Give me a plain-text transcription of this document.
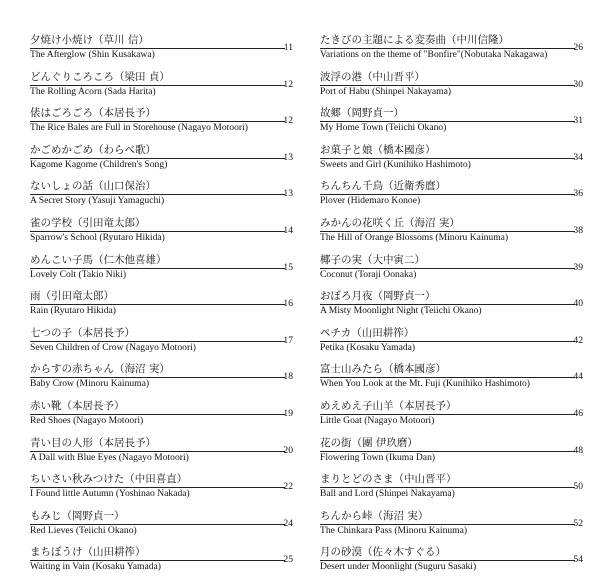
夕焼け小焼け（草川 信）
The Afterglow (Shin Kusakawa)
11
どんぐりころころ（梁田 貞）
The Rolling Acorn (Sada Harita)
12
俵はごろごろ（本居長予）
The Rice Bales are Full in Storehouse (Nagayo Motoori)
12
かごめかごめ（わらべ歌）
Kagome Kagome (Children's Song)
13
ないしょの話（山口保治）
A Secret Story (Yasuji Yamaguchi)
13
雀の学校（引田竜太郎）
Sparrow's School (Ryutaro Hikida)
14
めんこい子馬（仁木他喜雄）
Lovely Colt (Takio Niki)
15
雨（引田竜太郎）
Rain (Ryutaro Hikida)
16
七つの子（本居長予）
Seven Children of Crow (Nagayo Motoori)
17
からすの赤ちゃん（海沼 実）
Baby Crow (Minoru Kainuma)
18
赤い靴（本居長予）
Red Shoes (Nagayo Motoori)
19
青い目の人形（本居長予）
A Dall with Blue Eyes (Nagayo Motoori)
20
ちいさい秋みつけた（中田喜直）
I Found little Autumn (Yoshinao Nakada)
22
もみじ（岡野貞一）
Red Lieves (Teiichi Okano)
24
まちぼうけ（山田耕筰）
Waiting in Vain (Kosaku Yamada)
25
たきびの主題による変奏曲（中川信隆）
Variations on the theme of "Bonfire"(Nobutaka Nakagawa)
26
波浮の港（中山晋平）
Port of Habu (Shinpei Nakayama)
30
故郷（岡野貞一）
My Home Town (Teiichi Okano)
31
お菓子と娘（橋本國彦）
Sweets and Girl (Kunihiko Hashimoto)
34
ちんちん千鳥（近衛秀麿）
Plover (Hidemaro Konoe)
36
みかんの花咲く丘（海沼 実）
The Hill of Orange Blossoms (Minoru Kainuma)
38
椰子の実（大中寅二）
Coconut (Toraji Oonaka)
39
おぼろ月夜（岡野貞一）
A Misty Moonlight Night (Teiichi Okano)
40
ペチカ（山田耕筰）
Petika (Kosaku Yamada)
42
富士山みたら（橋本國彦）
When You Look at the Mt. Fuji (Kunihiko Hashimoto)
44
めえめえ子山羊（本居長予）
Little Goat (Nagayo Motoori)
46
花の街（團 伊玖磨）
Flowering Town (Ikuma Dan)
48
まりとどのさま（中山晋平）
Ball and Lord (Shinpei Nakayama)
50
ちんから峠（海沼 実）
The Chinkara Pass (Minoru Kainuma)
52
月の砂漠（佐々木すぐる）
Desert under Moonlight (Suguru Sasaki)
54
